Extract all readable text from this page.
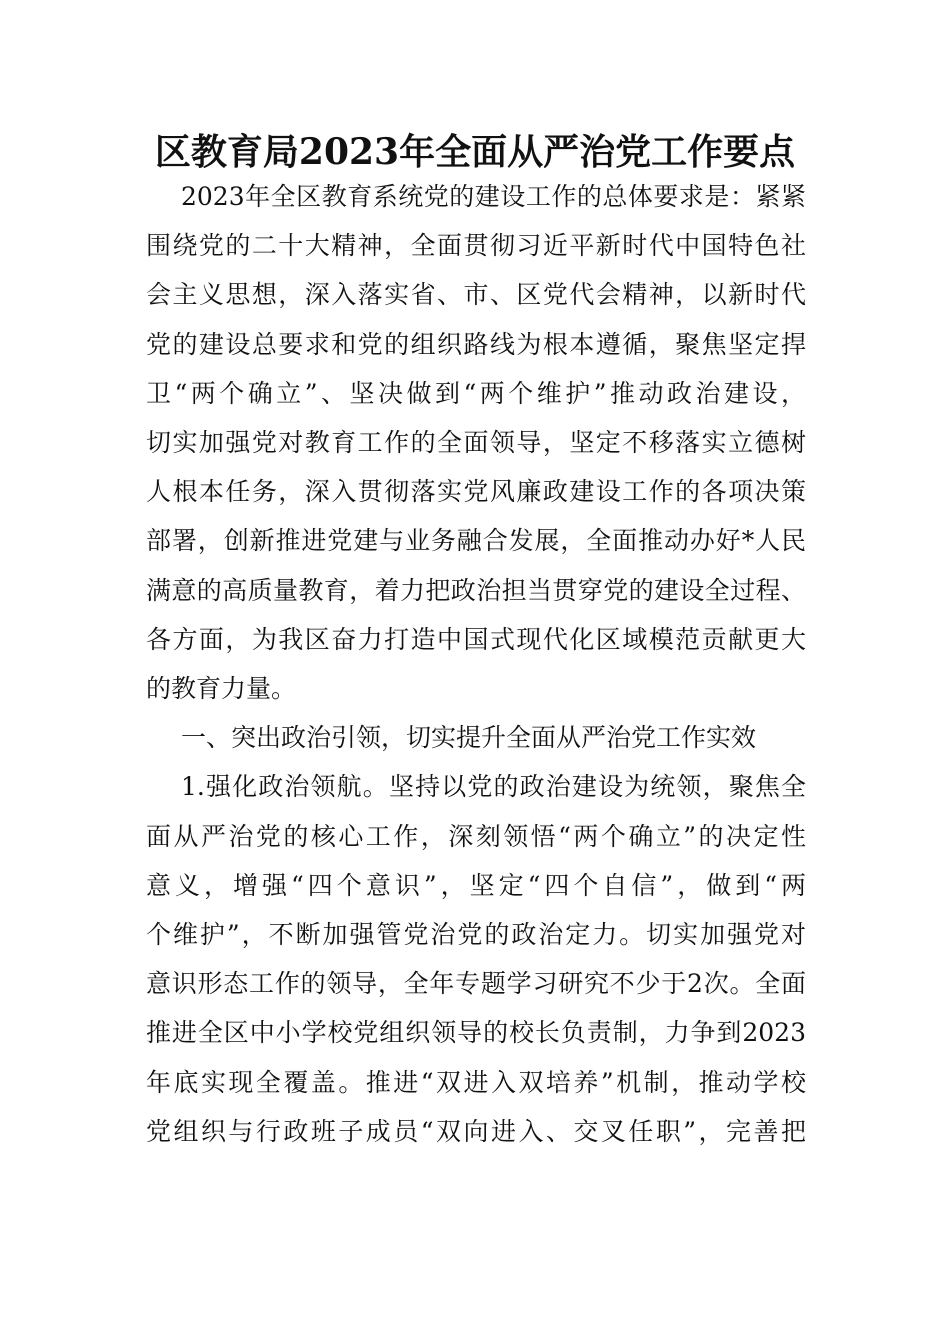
区教育局2023年全面从严治党工作要点
2023年全区教育系统党的建设工作的总体要求是：紧紧
围绕党的二十大精神，全面贯彻习近平新时代中国特色社
会主义思想，深入落实省、市、区党代会精神，以新时代
党的建设总要求和党的组织路线为根本遵循，聚焦坚定捍
卫“两个确立”、坚决做到“两个维护”推动政治建设，
切实加强党对教育工作的全面领导，坚定不移落实立德树
人根本任务，深入贯彻落实党风廉政建设工作的各项决策
部署，创新推进党建与业务融合发展，全面推动办好*人民
满意的高质量教育，着力把政治担当贯穿党的建设全过程、
各方面，为我区奋力打造中国式现代化区域模范贡献更大
的教育力量。
一、突出政治引领，切实提升全面从严治党工作实效
1.强化政治领航。坚持以党的政治建设为统领，聚焦全
面从严治党的核心工作，深刻领悟“两个确立”的决定性
意义，增强“四个意识”，坚定“四个自信”，做到“两
个维护”，不断加强管党治党的政治定力。切实加强党对
意识形态工作的领导，全年专题学习研究不少于2次。全面
推进全区中小学校党组织领导的校长负责制，力争到2023
年底实现全覆盖。推进“双进入双培养”机制，推动学校
党组织与行政班子成员“双向进入、交叉任职”，完善把
